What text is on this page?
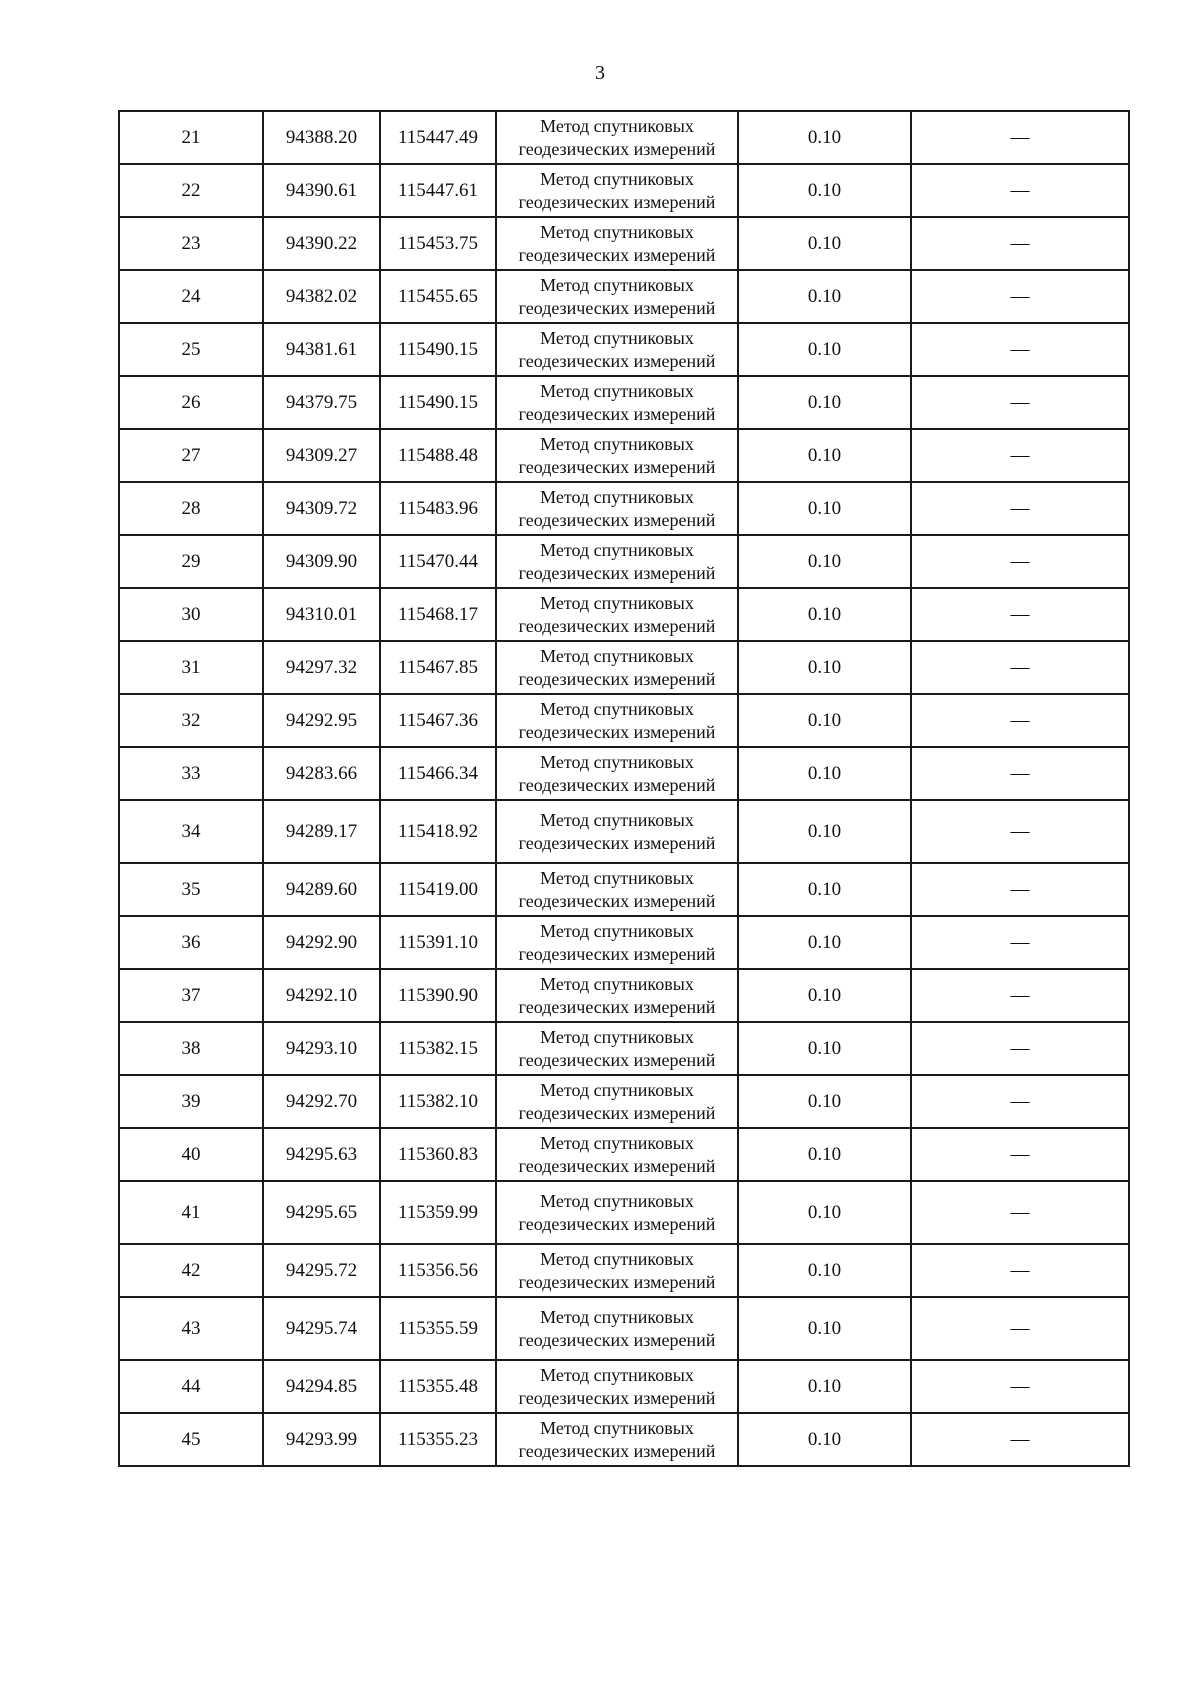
3
21	94388.20	115447.49	Метод спутниковых
геодезических измерений	0.10	—
22	94390.61	115447.61	Метод спутниковых
геодезических измерений	0.10	—
23	94390.22	115453.75	Метод спутниковых
геодезических измерений	0.10	—
24	94382.02	115455.65	Метод спутниковых
геодезических измерений	0.10	—
25	94381.61	115490.15	Метод спутниковых
геодезических измерений	0.10	—
26	94379.75	115490.15	Метод спутниковых
геодезических измерений	0.10	—
27	94309.27	115488.48	Метод спутниковых
геодезических измерений	0.10	—
28	94309.72	115483.96	Метод спутниковых
геодезических измерений	0.10	—
29	94309.90	115470.44	Метод спутниковых
геодезических измерений	0.10	—
30	94310.01	115468.17	Метод спутниковых
геодезических измерений	0.10	—
31	94297.32	115467.85	Метод спутниковых
геодезических измерений	0.10	—
32	94292.95	115467.36	Метод спутниковых
геодезических измерений	0.10	—
33	94283.66	115466.34	Метод спутниковых
геодезических измерений	0.10	—
34	94289.17	115418.92	Метод спутниковых
геодезических измерений	0.10	—
35	94289.60	115419.00	Метод спутниковых
геодезических измерений	0.10	—
36	94292.90	115391.10	Метод спутниковых
геодезических измерений	0.10	—
37	94292.10	115390.90	Метод спутниковых
геодезических измерений	0.10	—
38	94293.10	115382.15	Метод спутниковых
геодезических измерений	0.10	—
39	94292.70	115382.10	Метод спутниковых
геодезических измерений	0.10	—
40	94295.63	115360.83	Метод спутниковых
геодезических измерений	0.10	—
41	94295.65	115359.99	Метод спутниковых
геодезических измерений	0.10	—
42	94295.72	115356.56	Метод спутниковых
геодезических измерений	0.10	—
43	94295.74	115355.59	Метод спутниковых
геодезических измерений	0.10	—
44	94294.85	115355.48	Метод спутниковых
геодезических измерений	0.10	—
45	94293.99	115355.23	Метод спутниковых
геодезических измерений	0.10	—
